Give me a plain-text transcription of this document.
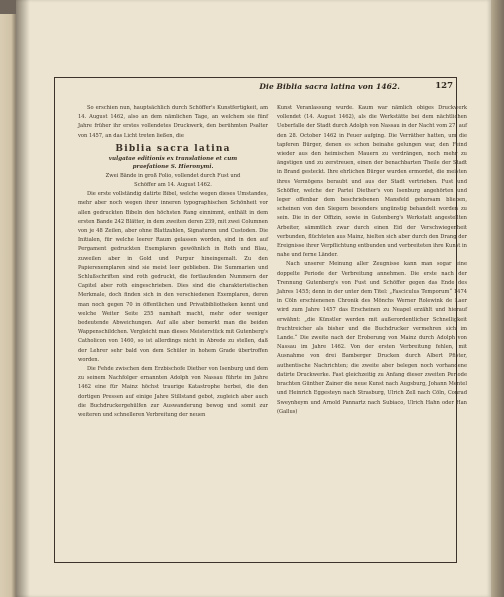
Die Biblia sacra latina von 1462.	127

So erschien nun, hauptsächlich durch Schöffer's Kunstfertigkeit, am 14. August 1462, also an dem nämlichen Tage, an welchem sie fünf Jahre früher ihr erstes vollendetes Druckwerk, den berühmten Psalter von 1457, an das Licht treten ließen, die

Biblia sacra latina

vulgatae editionis ex translatione et cum

praefatione S. Hieronymi.

Zwei Bände in groß Folio, vollendet durch Fust und

Schöffer am 14. August 1462.

Die erste vollständig datirte Bibel, welche wegen dieses Umstandes, mehr aber noch wegen ihrer inneren typographischen Schönheit vor allen gedruckten Bibeln den höchsten Rang einnimmt, enthält in dem ersten Bande 242 Blätter, in dem zweiten deren 239, mit zwei Columnen von je 48 Zeilen, aber ohne Blattzahlen, Signaturen und Custoden. Die Initialen, für welche leerer Raum gelassen worden, sind in den auf Pergament gedruckten Exemplaren gewöhnlich in Roth und Blau, zuweilen aber in Gold und Purpur hineingemalt. Zu den Papierexemplaren sind sie meist leer geblieben. Die Summarien und Schlußschriften sind roth gedruckt, die fortlaufenden Nummern der Capitel aber roth eingeschrieben. Dies sind die charakteristischen Merkmale, doch finden sich in den verschiedenen Exemplaren, deren man noch gegen 70 in öffentlichen und Privatbibliotheken kennt und welche Weiter Seite 255 namhaft macht, mehr oder weniger bedeutende Abweichungen. Auf alle aber bemerkt man die beiden Wappenschildchen. Vergleicht man dieses Meisterstück mit Gutenberg's Catholicon von 1460, so ist allerdings nicht in Abrede zu stellen, daß der Lehrer sehr bald von dem Schüler in hohem Grade übertroffen worden.

Die Fehde zwischen dem Erzbischofe Diether von Isenburg und dem zu seinem Nachfolger ernannten Adolph von Nassau führte im Jahre 1462 eine für Mainz höchst traurige Katastrophe herbei, die den dortigen Pressen auf einige Jahre Stillstand gebot, zugleich aber auch die Buchdruckergehülfen zur Auswanderung bewog und somit zur weiteren und schnelleren Verbreitung der neuen

Kunst Veranlassung wurde. Kaum war nämlich obiges Druckwerk vollendet (14. August 1462), als die Werkstätte bei dem nächtlichen Ueberfalle der Stadt durch Adolph von Nassau in der Nacht vom 27. auf den 28. October 1462 in Feuer aufging. Die Verräther hatten, um die tapferen Bürger, denen es schon beinahe gelungen war, den Feind wieder aus den heimischen Mauern zu verdrängen, noch mehr zu ängstigen und zu zerstreuen, einen der benachbarten Theile der Stadt in Brand gesteckt. Ihre ehrlichen Bürger wurden ermordet, die meisten ihres Vermögens beraubt und aus der Stadt vertrieben. Fust und Schöffer, welche der Partei Diether's von Isenburg angehörten und leger offenbar dem beschriebenen Mansfeld gehorsam blieben, scheinen von den Siegern besonders ungünstig behandelt worden zu sein. Die in der Offizin, sowie in Gutenberg's Werkstatt angestellten Arbeiter, sämmtlich zwar durch einen Eid der Verschwiegenheit verbunden, flüchteten aus Mainz, hielten sich aber durch den Drang der Ereignisse ihrer Verpflichtung entbunden und verbreiteten ihre Kunst in nahe und ferne Länder.

Nach unserer Meinung aller Zeugnisse kann man sogar eine doppelte Periode der Verbreitung annehmen. Die erste nach der Trennung Gutenberg's von Fust und Schöffer gegen das Ende des Jahres 1455; denn in der unter dem Titel: „Fasciculus Temporum“ 1474 in Cöln erschienenen Chronik des Mönchs Werner Rolewink de Laer wird zum Jahre 1457 das Erscheinen zu Neapel erzählt und hierauf erwähnt: „die Künstler werden mit außerordentlicher Schnelligkeit fruchtreicher als bisher und die Buchdrucker vermehren sich im Lande.“ Die zweite nach der Eroberung von Mainz durch Adolph von Nassau im Jahre 1462. Von der ersten Verbreitung fehlen, mit Ausnahme von drei Bamberger Drucken durch Albert Pfister, authentische Nachrichten; die zweite aber belegen noch vorhandene datirte Druckwerke. Fast gleichzeitig zu Anfang dieser zweiten Periode brachten Günther Zainer die neue Kunst nach Augsburg, Johann Mentel und Heinrich Eggesteyn nach Strasburg, Ulrich Zell nach Cöln, Conrad Sweynheym und Arnold Pannartz nach Subiaco, Ulrich Hahn oder Han (Gallus)
